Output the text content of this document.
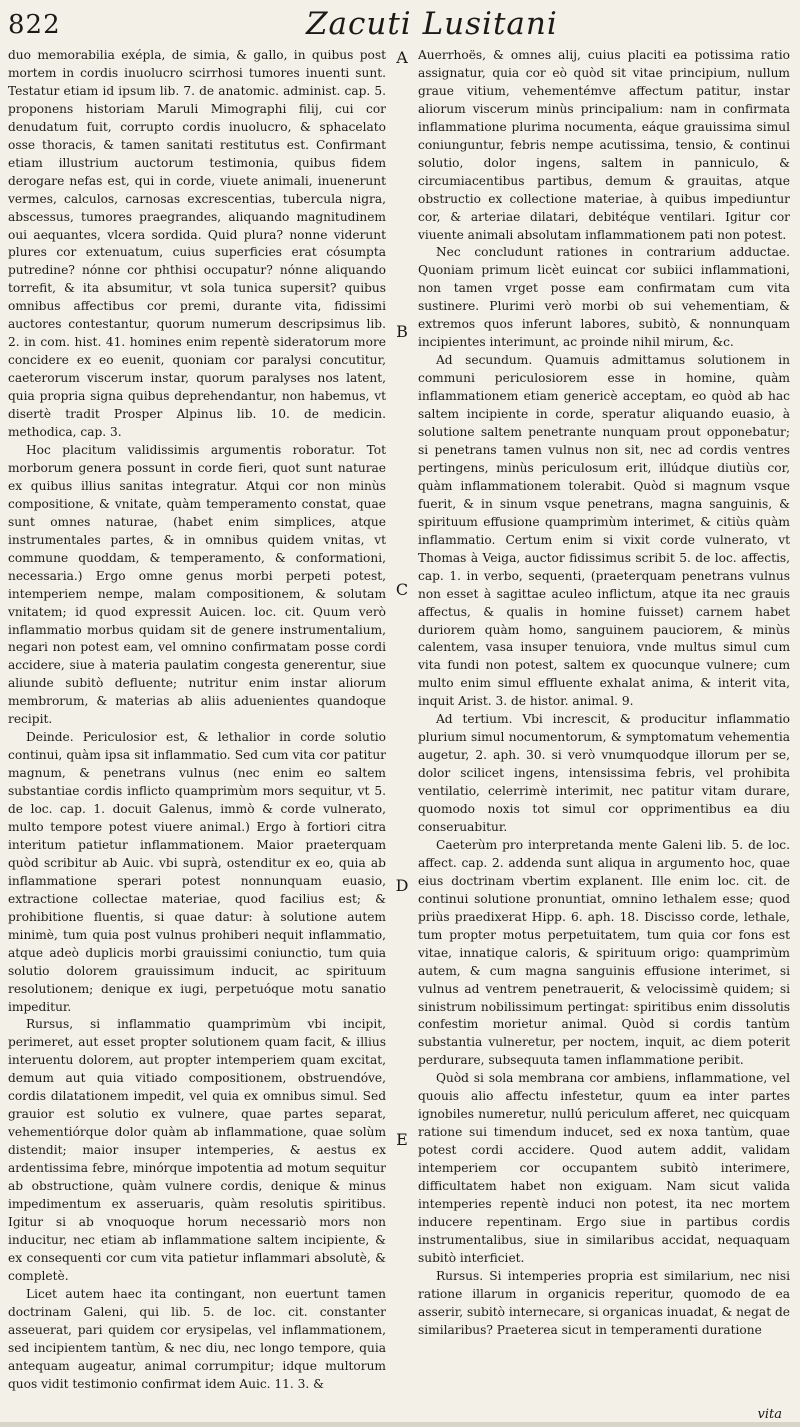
822	Zacuti Lusitani

duo memorabilia exépla, de simia, & gallo, in quibus post mortem in cordis inuolucro scirrhosi tumores inuenti sunt. Testatur etiam id ipsum lib. 7. de anatomic. administ. cap. 5. proponens historiam Maruli Mimographi filij, cui cor denudatum fuit, corrupto cordis inuolucro, & sphacelato osse thoracis, & tamen sanitati restitutus est. Confirmant etiam illustrium auctorum testimonia, quibus fidem derogare nefas est, qui in corde, viuete animali, inuenerunt vermes, calculos, carnosas excrescentias, tubercula nigra, abscessus, tumores praegrandes, aliquando magnitudinem oui aequantes, vlcera sordida. Quid plura? nonne viderunt plures cor extenuatum, cuius superficies erat cósumpta putredine? nónne cor phthisi occupatur? nónne aliquando torrefit, & ita absumitur, vt sola tunica supersit? quibus omnibus affectibus cor premi, durante vita, fidissimi auctores contestantur, quorum numerum descripsimus lib. 2. in com. hist. 41. homines enim repentè sideratorum more concidere ex eo euenit, quoniam cor paralysi concutitur, caeterorum viscerum instar, quorum paralyses nos latent, quia propria signa quibus deprehendantur, non habemus, vt disertè tradit Prosper Alpinus lib. 10. de medicin. methodica, cap. 3.

Hoc placitum validissimis argumentis roboratur. Tot morborum genera possunt in corde fieri, quot sunt naturae ex quibus illius sanitas integratur. Atqui cor non minùs compositione, & vnitate, quàm temperamento constat, quae sunt omnes naturae, (habet enim simplices, atque instrumentales partes, & in omnibus quidem vnitas, vt commune quoddam, & temperamento, & conformationi, necessaria.) Ergo omne genus morbi perpeti potest, intemperiem nempe, malam compositionem, & solutam vnitatem; id quod expressit Auicen. loc. cit. Quum verò inflammatio morbus quidam sit de genere instrumentalium, negari non potest eam, vel omnino confirmatam posse cordi accidere, siue à materia paulatim congesta generentur, siue aliunde subitò defluente; nutritur enim instar aliorum membrorum, & materias ab aliis aduenientes quandoque recipit.

Deinde. Periculosior est, & lethalior in corde solutio continui, quàm ipsa sit inflammatio. Sed cum vita cor patitur magnum, & penetrans vulnus (nec enim eo saltem substantiae cordis inflicto quamprimùm mors sequitur, vt 5. de loc. cap. 1. docuit Galenus, immò & corde vulnerato, multo tempore potest viuere animal.) Ergo à fortiori citra interitum patietur inflammationem. Maior praeterquam quòd scribitur ab Auic. vbi suprà, ostenditur ex eo, quia ab inflammatione sperari potest nonnunquam euasio, extractione collectae materiae, quod facilius est; & prohibitione fluentis, si quae datur: à solutione autem minimè, tum quia post vulnus prohiberi nequit inflammatio, atque adeò duplicis morbi grauissimi coniunctio, tum quia solutio dolorem grauissimum inducit, ac spirituum resolutionem; denique ex iugi, perpetuóque motu sanatio impeditur.

Rursus, si inflammatio quamprimùm vbi incipit, perimeret, aut esset propter solutionem quam facit, & illius interuentu dolorem, aut propter intemperiem quam excitat, demum aut quia vitiado compositionem, obstruendóve, cordis dilatationem impedit, vel quia ex omnibus simul. Sed grauior est solutio ex vulnere, quae partes separat, vehementiórque dolor quàm ab inflammatione, quae solùm distendit; maior insuper intemperies, & aestus ex ardentissima febre, minórque impotentia ad motum sequitur ab obstructione, quàm vulnere cordis, denique & minus impedimentum ex asseruaris, quàm resolutis spiritibus. Igitur si ab vnoquoque horum necessariò mors non inducitur, nec etiam ab inflammatione saltem incipiente, & ex consequenti cor cum vita patietur inflammari absolutè, & completè.

Licet autem haec ita contingant, non euertunt tamen doctrinam Galeni, qui lib. 5. de loc. cit. constanter asseuerat, pari quidem cor erysipelas, vel inflammationem, sed incipientem tantùm, & nec diu, nec longo tempore, quia antequam augeatur, animal corrumpitur; idque multorum quos vidit testimonio confirmat idem Auic. 11. 3. &

A
B
C
D
E

Auerrhoës, & omnes alij, cuius placiti ea potissima ratio assignatur, quia cor eò quòd sit vitae principium, nullum graue vitium, vehementémve affectum patitur, instar aliorum viscerum minùs principalium: nam in confirmata inflammatione plurima nocumenta, eáque grauissima simul coniunguntur, febris nempe acutissima, tensio, & continui solutio, dolor ingens, saltem in panniculo, & circumiacentibus partibus, demum & grauitas, atque obstructio ex collectione materiae, à quibus impediuntur cor, & arteriae dilatari, debitéque ventilari. Igitur cor viuente animali absolutam inflammationem pati non potest.

Nec concludunt rationes in contrarium adductae. Quoniam primum licèt euincat cor subiici inflammationi, non tamen vrget posse eam confirmatam cum vita sustinere. Plurimi verò morbi ob sui vehementiam, & extremos quos inferunt labores, subitò, & nonnunquam incipientes interimunt, ac proinde nihil mirum, &c.

Ad secundum. Quamuis admittamus solutionem in communi periculosiorem esse in homine, quàm inflammationem etiam genericè acceptam, eo quòd ab hac saltem incipiente in corde, speratur aliquando euasio, à solutione saltem penetrante nunquam prout opponebatur; si penetrans tamen vulnus non sit, nec ad cordis ventres pertingens, minùs periculosum erit, illúdque diutiùs cor, quàm inflammationem tolerabit. Quòd si magnum vsque fuerit, & in sinum vsque penetrans, magna sanguinis, & spirituum effusione quamprimùm interimet, & citiùs quàm inflammatio. Certum enim si vixit corde vulnerato, vt Thomas à Veiga, auctor fidissimus scribit 5. de loc. affectis, cap. 1. in verbo, sequenti, (praeterquam penetrans vulnus non esset à sagittae aculeo inflictum, atque ita nec grauis affectus, & qualis in homine fuisset) carnem habet duriorem quàm homo, sanguinem pauciorem, & minùs calentem, vasa insuper tenuiora, vnde multus simul cum vita fundi non potest, saltem ex quocunque vulnere; cum multo enim simul effluente exhalat anima, & interit vita, inquit Arist. 3. de histor. animal. 9.

Ad tertium. Vbi increscit, & producitur inflammatio plurium simul nocumentorum, & symptomatum vehementia augetur, 2. aph. 30. si verò vnumquodque illorum per se, dolor scilicet ingens, intensissima febris, vel prohibita ventilatio, celerrimè interimit, nec patitur vitam durare, quomodo noxis tot simul cor opprimentibus ea diu conseruabitur.

Caeterùm pro interpretanda mente Galeni lib. 5. de loc. affect. cap. 2. addenda sunt aliqua in argumento hoc, quae eius doctrinam vbertim explanent. Ille enim loc. cit. de continui solutione pronuntiat, omnino lethalem esse; quod priùs praedixerat Hipp. 6. aph. 18. Discisso corde, lethale, tum propter motus perpetuitatem, tum quia cor fons est vitae, innatique caloris, & spirituum origo: quamprimùm autem, & cum magna sanguinis effusione interimet, si vulnus ad ventrem penetrauerit, & velocissimè quidem; si sinistrum nobilissimum pertingat: spiritibus enim dissolutis confestim morietur animal. Quòd si cordis tantùm substantia vulneretur, per noctem, inquit, ac diem poterit perdurare, subsequuta tamen inflammatione peribit.

Quòd si sola membrana cor ambiens, inflammatione, vel quouis alio affectu infestetur, quum ea inter partes ignobiles numeretur, nullú periculum afferet, nec quicquam ratione sui timendum inducet, sed ex noxa tantùm, quae potest cordi accidere. Quod autem addit, validam intemperiem cor occupantem subitò interimere, difficultatem habet non exiguam. Nam sicut valida intemperies repentè induci non potest, ita nec mortem inducere repentinam. Ergo siue in partibus cordis instrumentalibus, siue in similaribus accidat, nequaquam subitò interficiet.

Rursus. Si intemperies propria est similarium, nec nisi ratione illarum in organicis reperitur, quomodo de ea asserir, subitò internecare, si organicas inuadat, & negat de similaribus? Praeterea sicut in temperamenti duratione

vita
